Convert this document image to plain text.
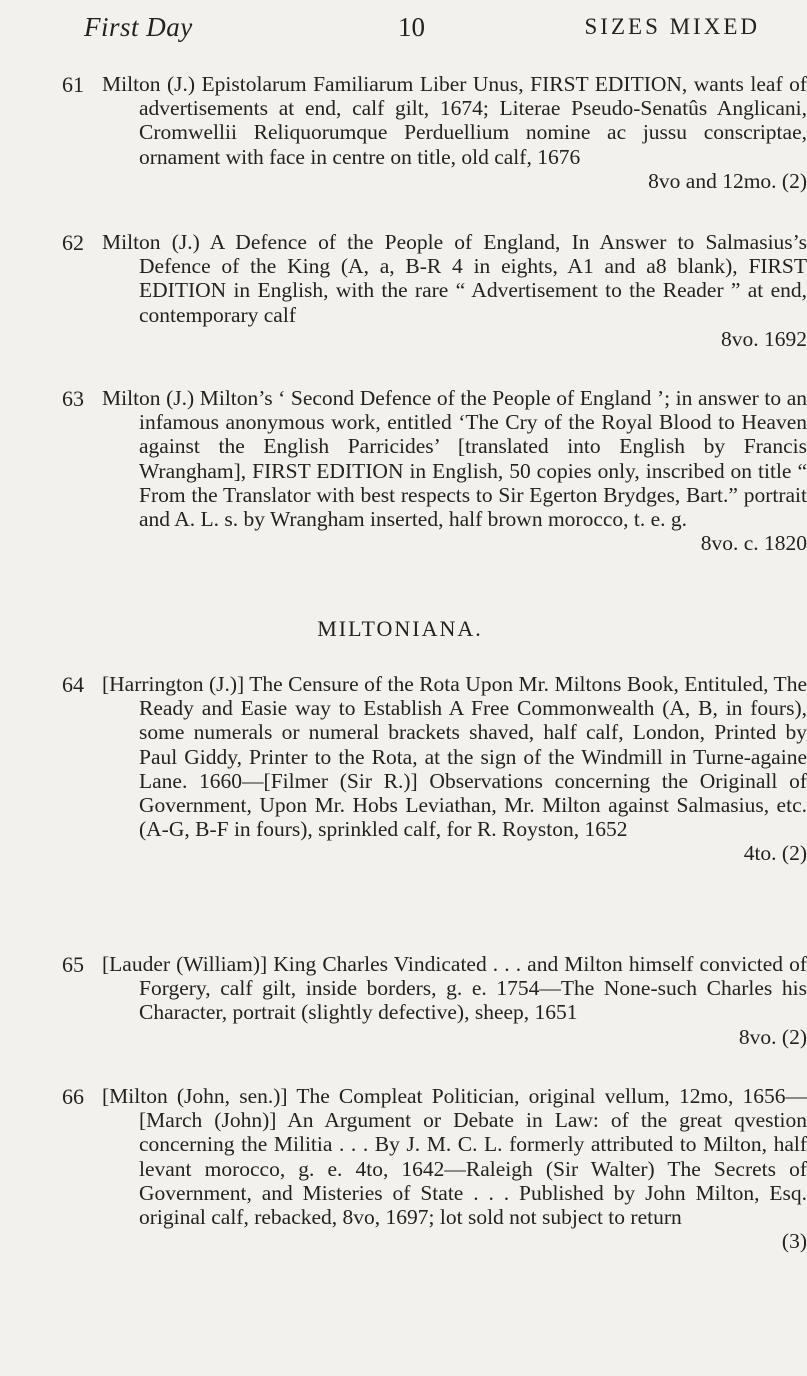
First Day	10	SIZES MIXED
61 Milton (J.) Epistolarum Familiarum Liber Unus, FIRST EDITION, wants leaf of advertisements at end, calf gilt, 1674; Literae Pseudo-Senatûs Anglicani, Cromwellii Reliquorumque Perduellium nomine ac jussu conscriptae, ornament with face in centre on title, old calf, 1676
8vo and 12mo. (2)
62 Milton (J.) A Defence of the People of England, In Answer to Salmasius’s Defence of the King (A, a, B-R 4 in eights, A1 and a8 blank), FIRST EDITION in English, with the rare “ Advertisement to the Reader ” at end, contemporary calf
8vo. 1692
63 Milton (J.) Milton’s ‘ Second Defence of the People of England ’; in answer to an infamous anonymous work, entitled ‘The Cry of the Royal Blood to Heaven against the English Parricides’ [translated into English by Francis Wrangham], FIRST EDITION in English, 50 copies only, inscribed on title “ From the Translator with best respects to Sir Egerton Brydges, Bart.” portrait and A. L. s. by Wrangham inserted, half brown morocco, t. e. g.
8vo. c. 1820
MILTONIANA.
64 [Harrington (J.)] The Censure of the Rota Upon Mr. Miltons Book, Entituled, The Ready and Easie way to Establish A Free Commonwealth (A, B, in fours), some numerals or numeral brackets shaved, half calf, London, Printed by Paul Giddy, Printer to the Rota, at the sign of the Windmill in Turne-againe Lane. 1660—[Filmer (Sir R.)] Observations concerning the Originall of Government, Upon Mr. Hobs Leviathan, Mr. Milton against Salmasius, etc. (A-G, B-F in fours), sprinkled calf, for R. Royston, 1652
4to. (2)
65 [Lauder (William)] King Charles Vindicated . . . and Milton himself convicted of Forgery, calf gilt, inside borders, g. e. 1754—The None-such Charles his Character, portrait (slightly defective), sheep, 1651
8vo. (2)
66 [Milton (John, sen.)] The Compleat Politician, original vellum, 12mo, 1656—[March (John)] An Argument or Debate in Law: of the great qvestion concerning the Militia . . . By J. M. C. L. formerly attributed to Milton, half levant morocco, g. e. 4to, 1642—Raleigh (Sir Walter) The Secrets of Government, and Misteries of State . . . Published by John Milton, Esq. original calf, rebacked, 8vo, 1697; lot sold not subject to return
(3)
